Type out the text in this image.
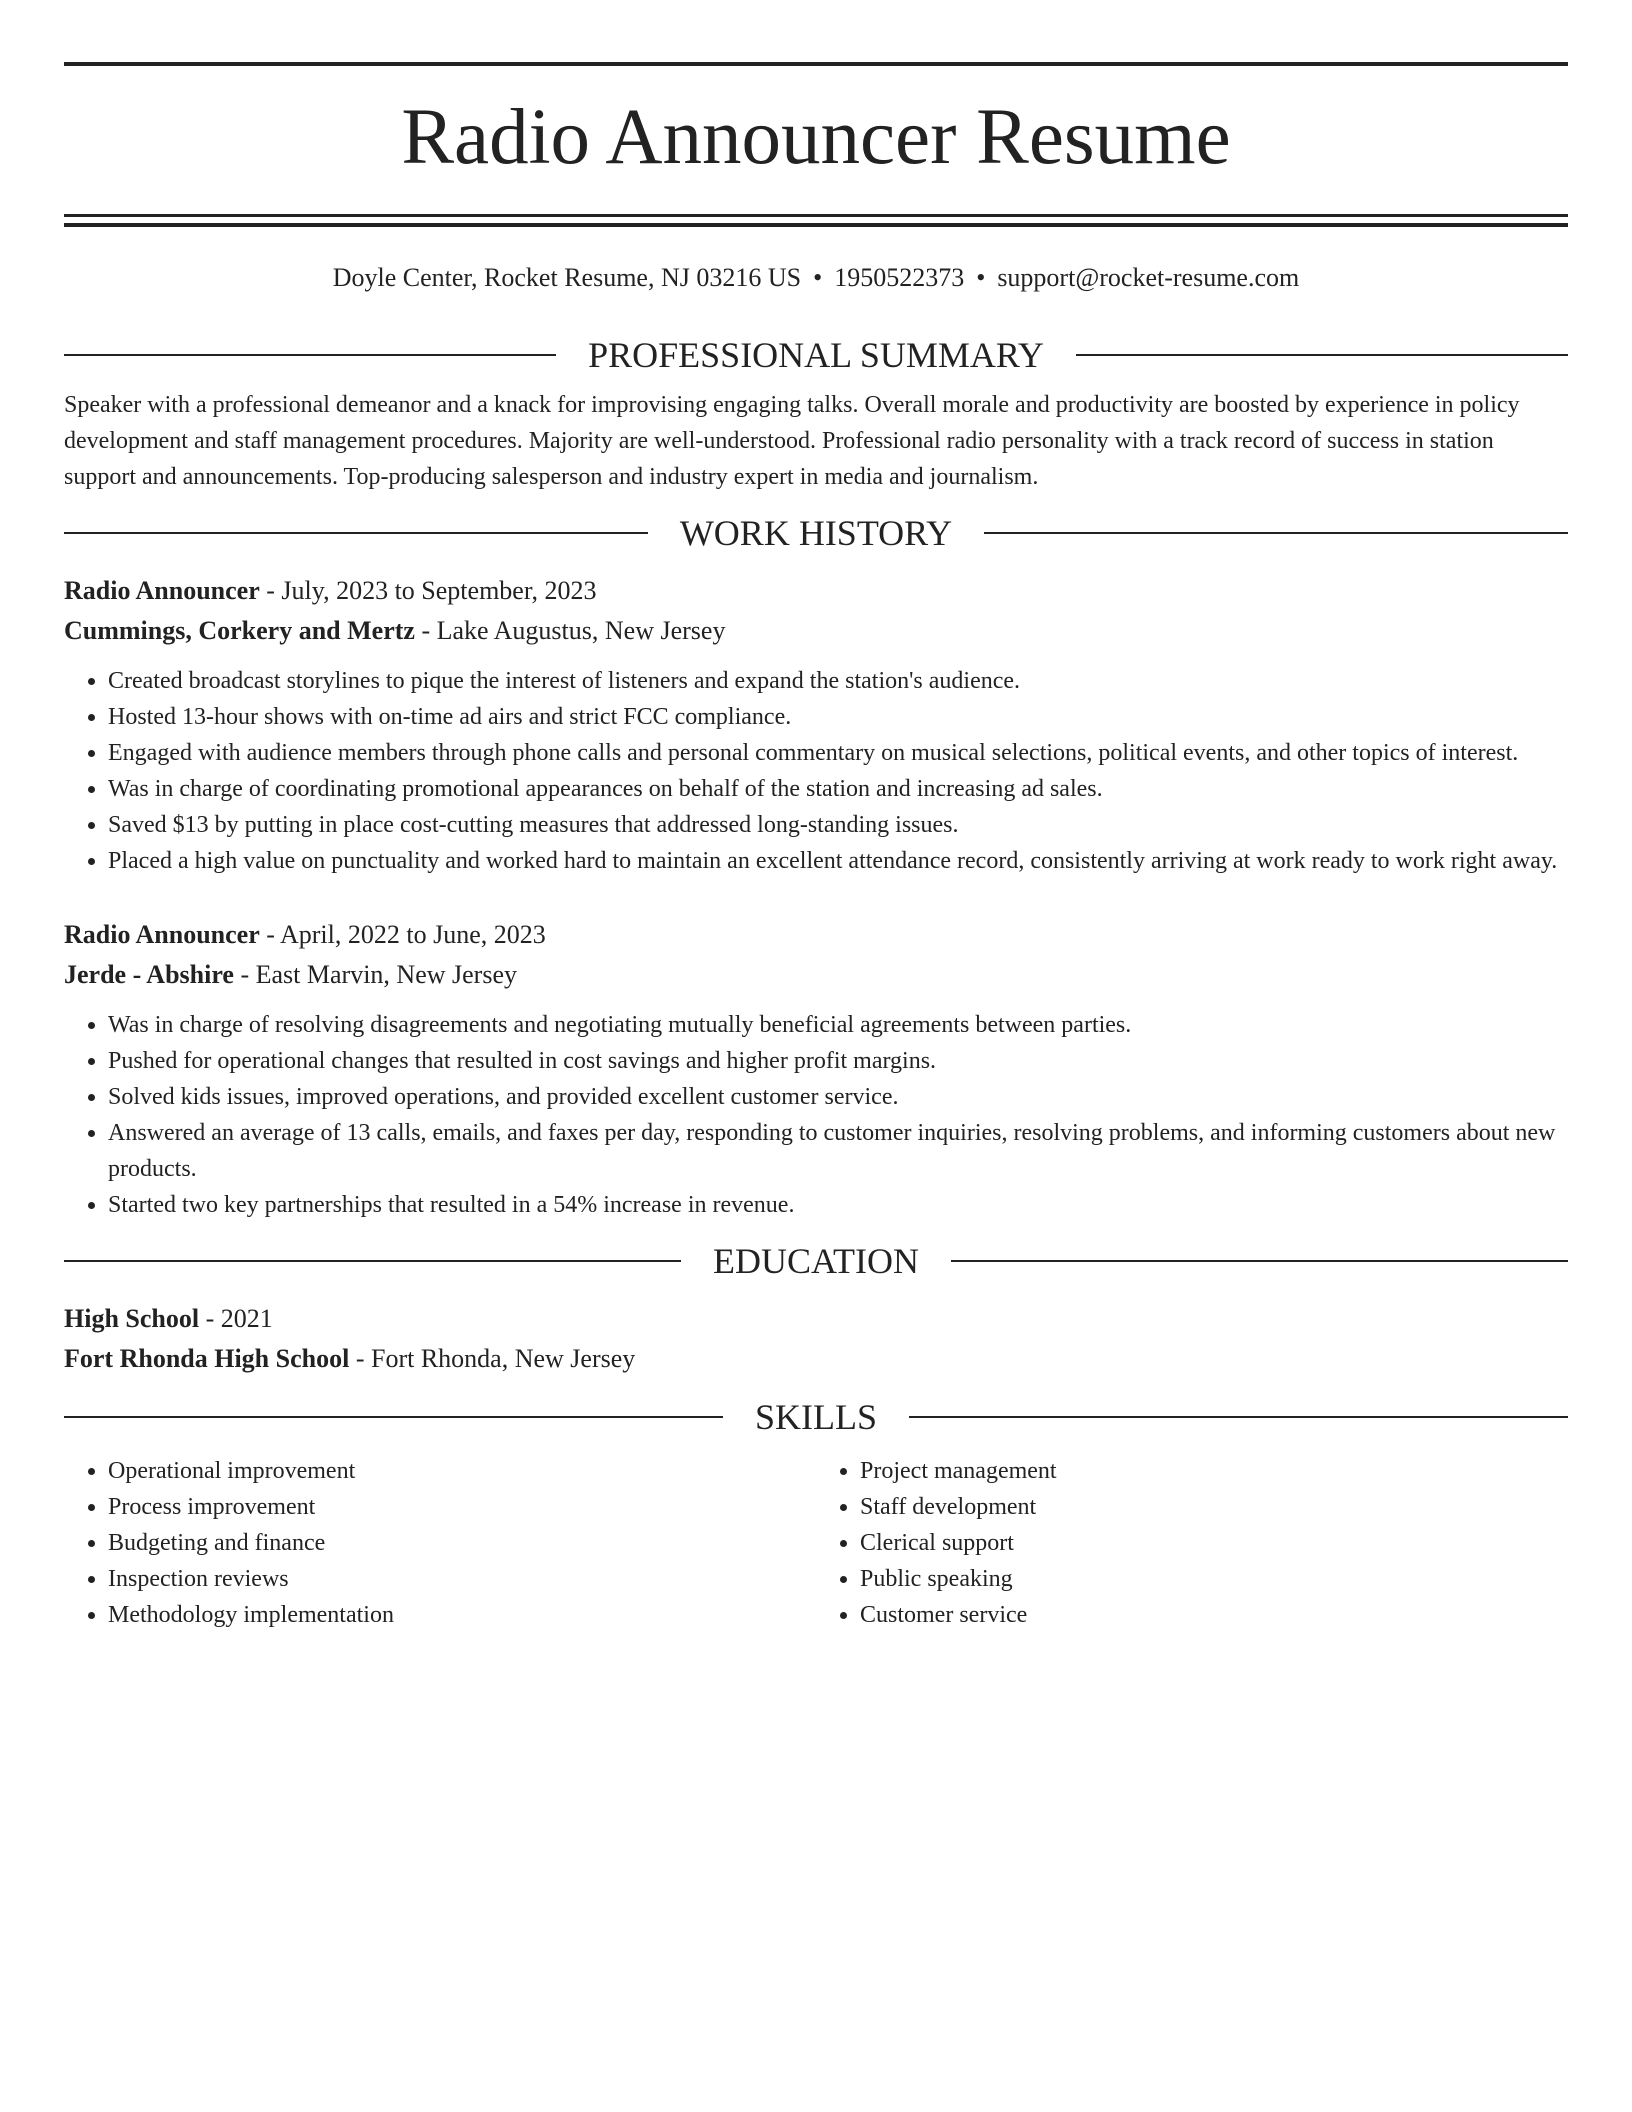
Radio Announcer Resume
Doyle Center, Rocket Resume, NJ 03216 US • 1950522373 • support@rocket-resume.com
PROFESSIONAL SUMMARY

Speaker with a professional demeanor and a knack for improvising engaging talks. Overall morale and productivity are boosted by experience in policy development and staff management procedures. Majority are well-understood. Professional radio personality with a track record of success in station support and announcements. Top-producing salesperson and industry expert in media and journalism.

WORK HISTORY
Radio Announcer - July, 2023 to September, 2023
Cummings, Corkery and Mertz - Lake Augustus, New Jersey
• Created broadcast storylines to pique the interest of listeners and expand the station's audience.
• Hosted 13-hour shows with on-time ad airs and strict FCC compliance.
• Engaged with audience members through phone calls and personal commentary on musical selections, political events, and other topics of interest.
• Was in charge of coordinating promotional appearances on behalf of the station and increasing ad sales.
• Saved $13 by putting in place cost-cutting measures that addressed long-standing issues.
• Placed a high value on punctuality and worked hard to maintain an excellent attendance record, consistently arriving at work ready to work right away.
Radio Announcer - April, 2022 to June, 2023
Jerde - Abshire - East Marvin, New Jersey
• Was in charge of resolving disagreements and negotiating mutually beneficial agreements between parties.
• Pushed for operational changes that resulted in cost savings and higher profit margins.
• Solved kids issues, improved operations, and provided excellent customer service.
• Answered an average of 13 calls, emails, and faxes per day, responding to customer inquiries, resolving problems, and informing customers about new products.
• Started two key partnerships that resulted in a 54% increase in revenue.
EDUCATION
High School - 2021
Fort Rhonda High School - Fort Rhonda, New Jersey
SKILLS
• Operational improvement
• Process improvement
• Budgeting and finance
• Inspection reviews
• Methodology implementation
• Project management
• Staff development
• Clerical support
• Public speaking
• Customer service
